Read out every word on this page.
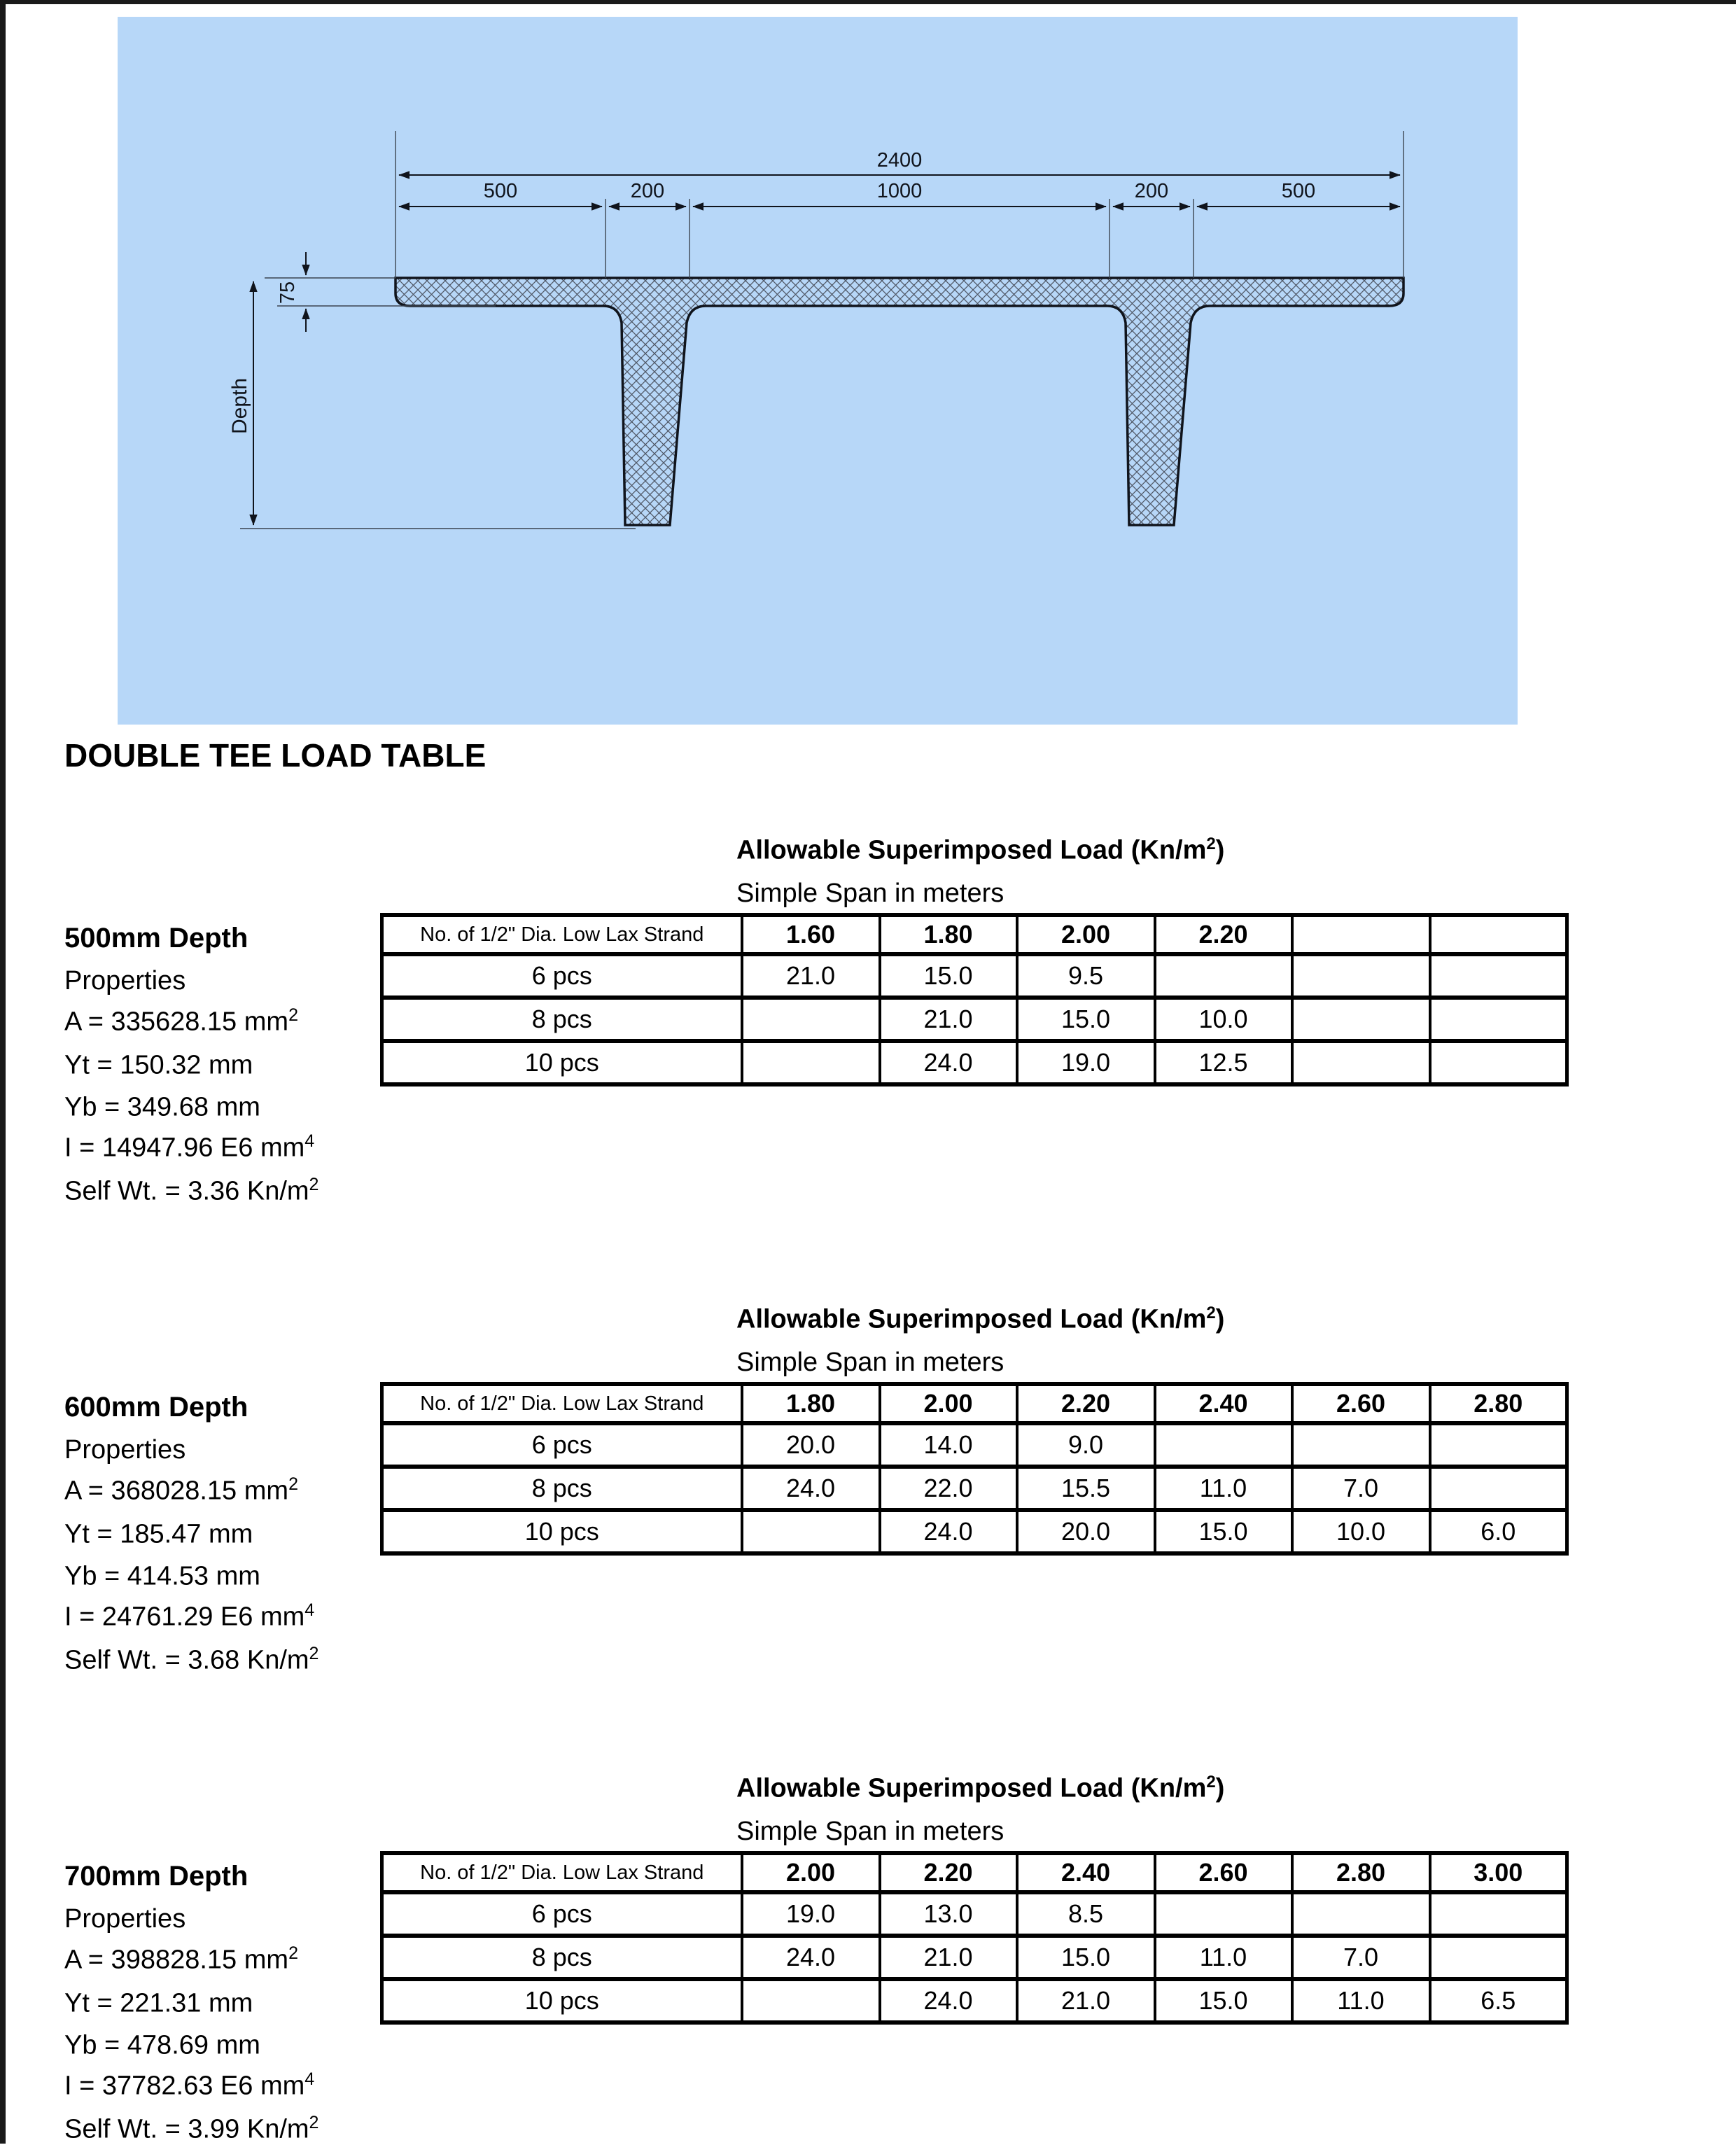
2400
500	200	1000	200	500
75
Depth
DOUBLE TEE LOAD TABLE
Allowable Superimposed Load $(Kn/m^2)$
Simple Span in meters
No. of 1/2" Dia. Low Lax Strand	1.60	1.80	2.00	2.20		
6 pcs	21.0	15.0	9.5			
8 pcs		21.0	15.0	10.0		
10 pcs		24.0	19.0	12.5		
500mm Depth
Properties
A = 335628.15 $mm^2$
Yt = 150.32 mm
Yb = 349.68 mm
I = 14947.96 E6 $mm^4$
Self Wt. = 3.36 $Kn/m^2$
Allowable Superimposed Load $(Kn/m^2)$
Simple Span in meters
No. of 1/2" Dia. Low Lax Strand	1.80	2.00	2.20	2.40	2.60	2.80
6 pcs	20.0	14.0	9.0			
8 pcs	24.0	22.0	15.5	11.0	7.0	
10 pcs		24.0	20.0	15.0	10.0	6.0
600mm Depth
Properties
A = 368028.15 $mm^2$
Yt = 185.47 mm
Yb = 414.53 mm
I = 24761.29 E6 $mm^4$
Self Wt. = 3.68 $Kn/m^2$
Allowable Superimposed Load $(Kn/m^2)$
Simple Span in meters
No. of 1/2" Dia. Low Lax Strand	2.00	2.20	2.40	2.60	2.80	3.00
6 pcs	19.0	13.0	8.5			
8 pcs	24.0	21.0	15.0	11.0	7.0	
10 pcs		24.0	21.0	15.0	11.0	6.5
700mm Depth
Properties
A = 398828.15 $mm^2$
Yt = 221.31 mm
Yb = 478.69 mm
I = 37782.63 E6 $mm^4$
Self Wt. = 3.99 $Kn/m^2$
